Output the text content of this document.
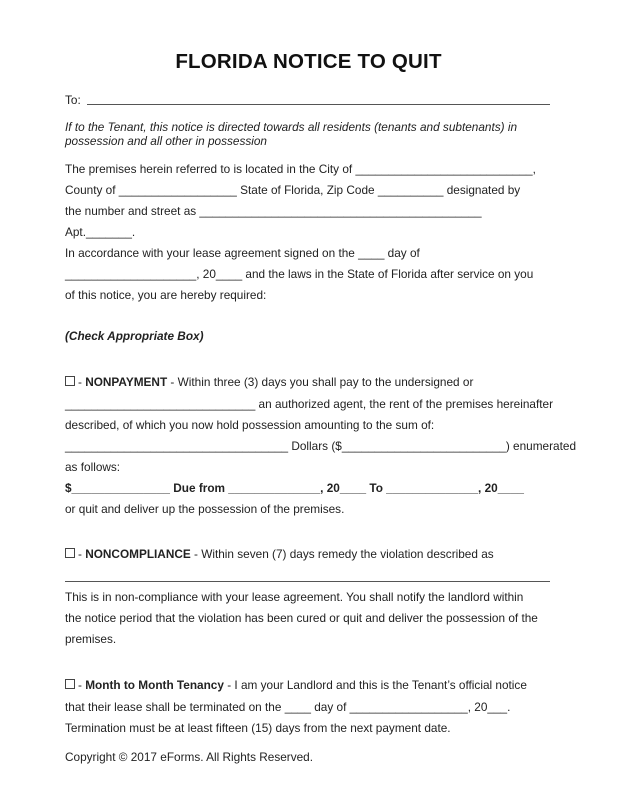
FLORIDA NOTICE TO QUIT
To:
If to the Tenant, this notice is directed towards all residents (tenants and subtenants) in
possession and all other in possession
The premises herein referred to is located in the City of ___________________________,
County of __________________ State of Florida, Zip Code __________ designated by
the number and street as ___________________________________________
Apt._______.
In accordance with your lease agreement signed on the ____ day of
____________________, 20____ and the laws in the State of Florida after service on you
of this notice, you are hereby required:
(Check Appropriate Box)
- NONPAYMENT - Within three (3) days you shall pay to the undersigned or
_____________________________ an authorized agent, the rent of the premises hereinafter
described, of which you now hold possession amounting to the sum of:
__________________________________ Dollars ($_________________________) enumerated
as follows:
$_______________ Due from ______________, 20____ To ______________, 20____
or quit and deliver up the possession of the premises.
- NONCOMPLIANCE - Within seven (7) days remedy the violation described as
This is in non-compliance with your lease agreement. You shall notify the landlord within
the notice period that the violation has been cured or quit and deliver the possession of the
premises.
- Month to Month Tenancy - I am your Landlord and this is the Tenant’s official notice
that their lease shall be terminated on the ____ day of __________________, 20___.
Termination must be at least fifteen (15) days from the next payment date.
Copyright © 2017 eForms. All Rights Reserved.
